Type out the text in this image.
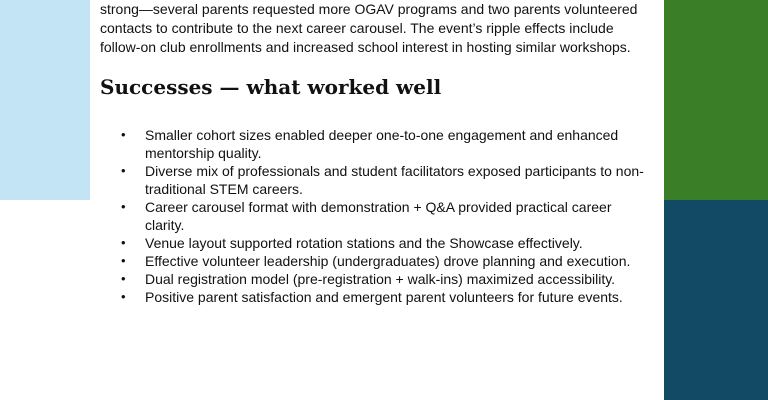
strong—several parents requested more OGAV programs and two parents volunteered contacts to contribute to the next career carousel. The event’s ripple effects include follow-on club enrollments and increased school interest in hosting similar workshops.

Successes — what worked well
• Smaller cohort sizes enabled deeper one-to-one engagement and enhanced mentorship quality.
• Diverse mix of professionals and student facilitators exposed participants to non-traditional STEM careers.
• Career carousel format with demonstration + Q&A provided practical career clarity.
• Venue layout supported rotation stations and the Showcase effectively.
• Effective volunteer leadership (undergraduates) drove planning and execution.
• Dual registration model (pre-registration + walk-ins) maximized accessibility.
• Positive parent satisfaction and emergent parent volunteers for future events.
